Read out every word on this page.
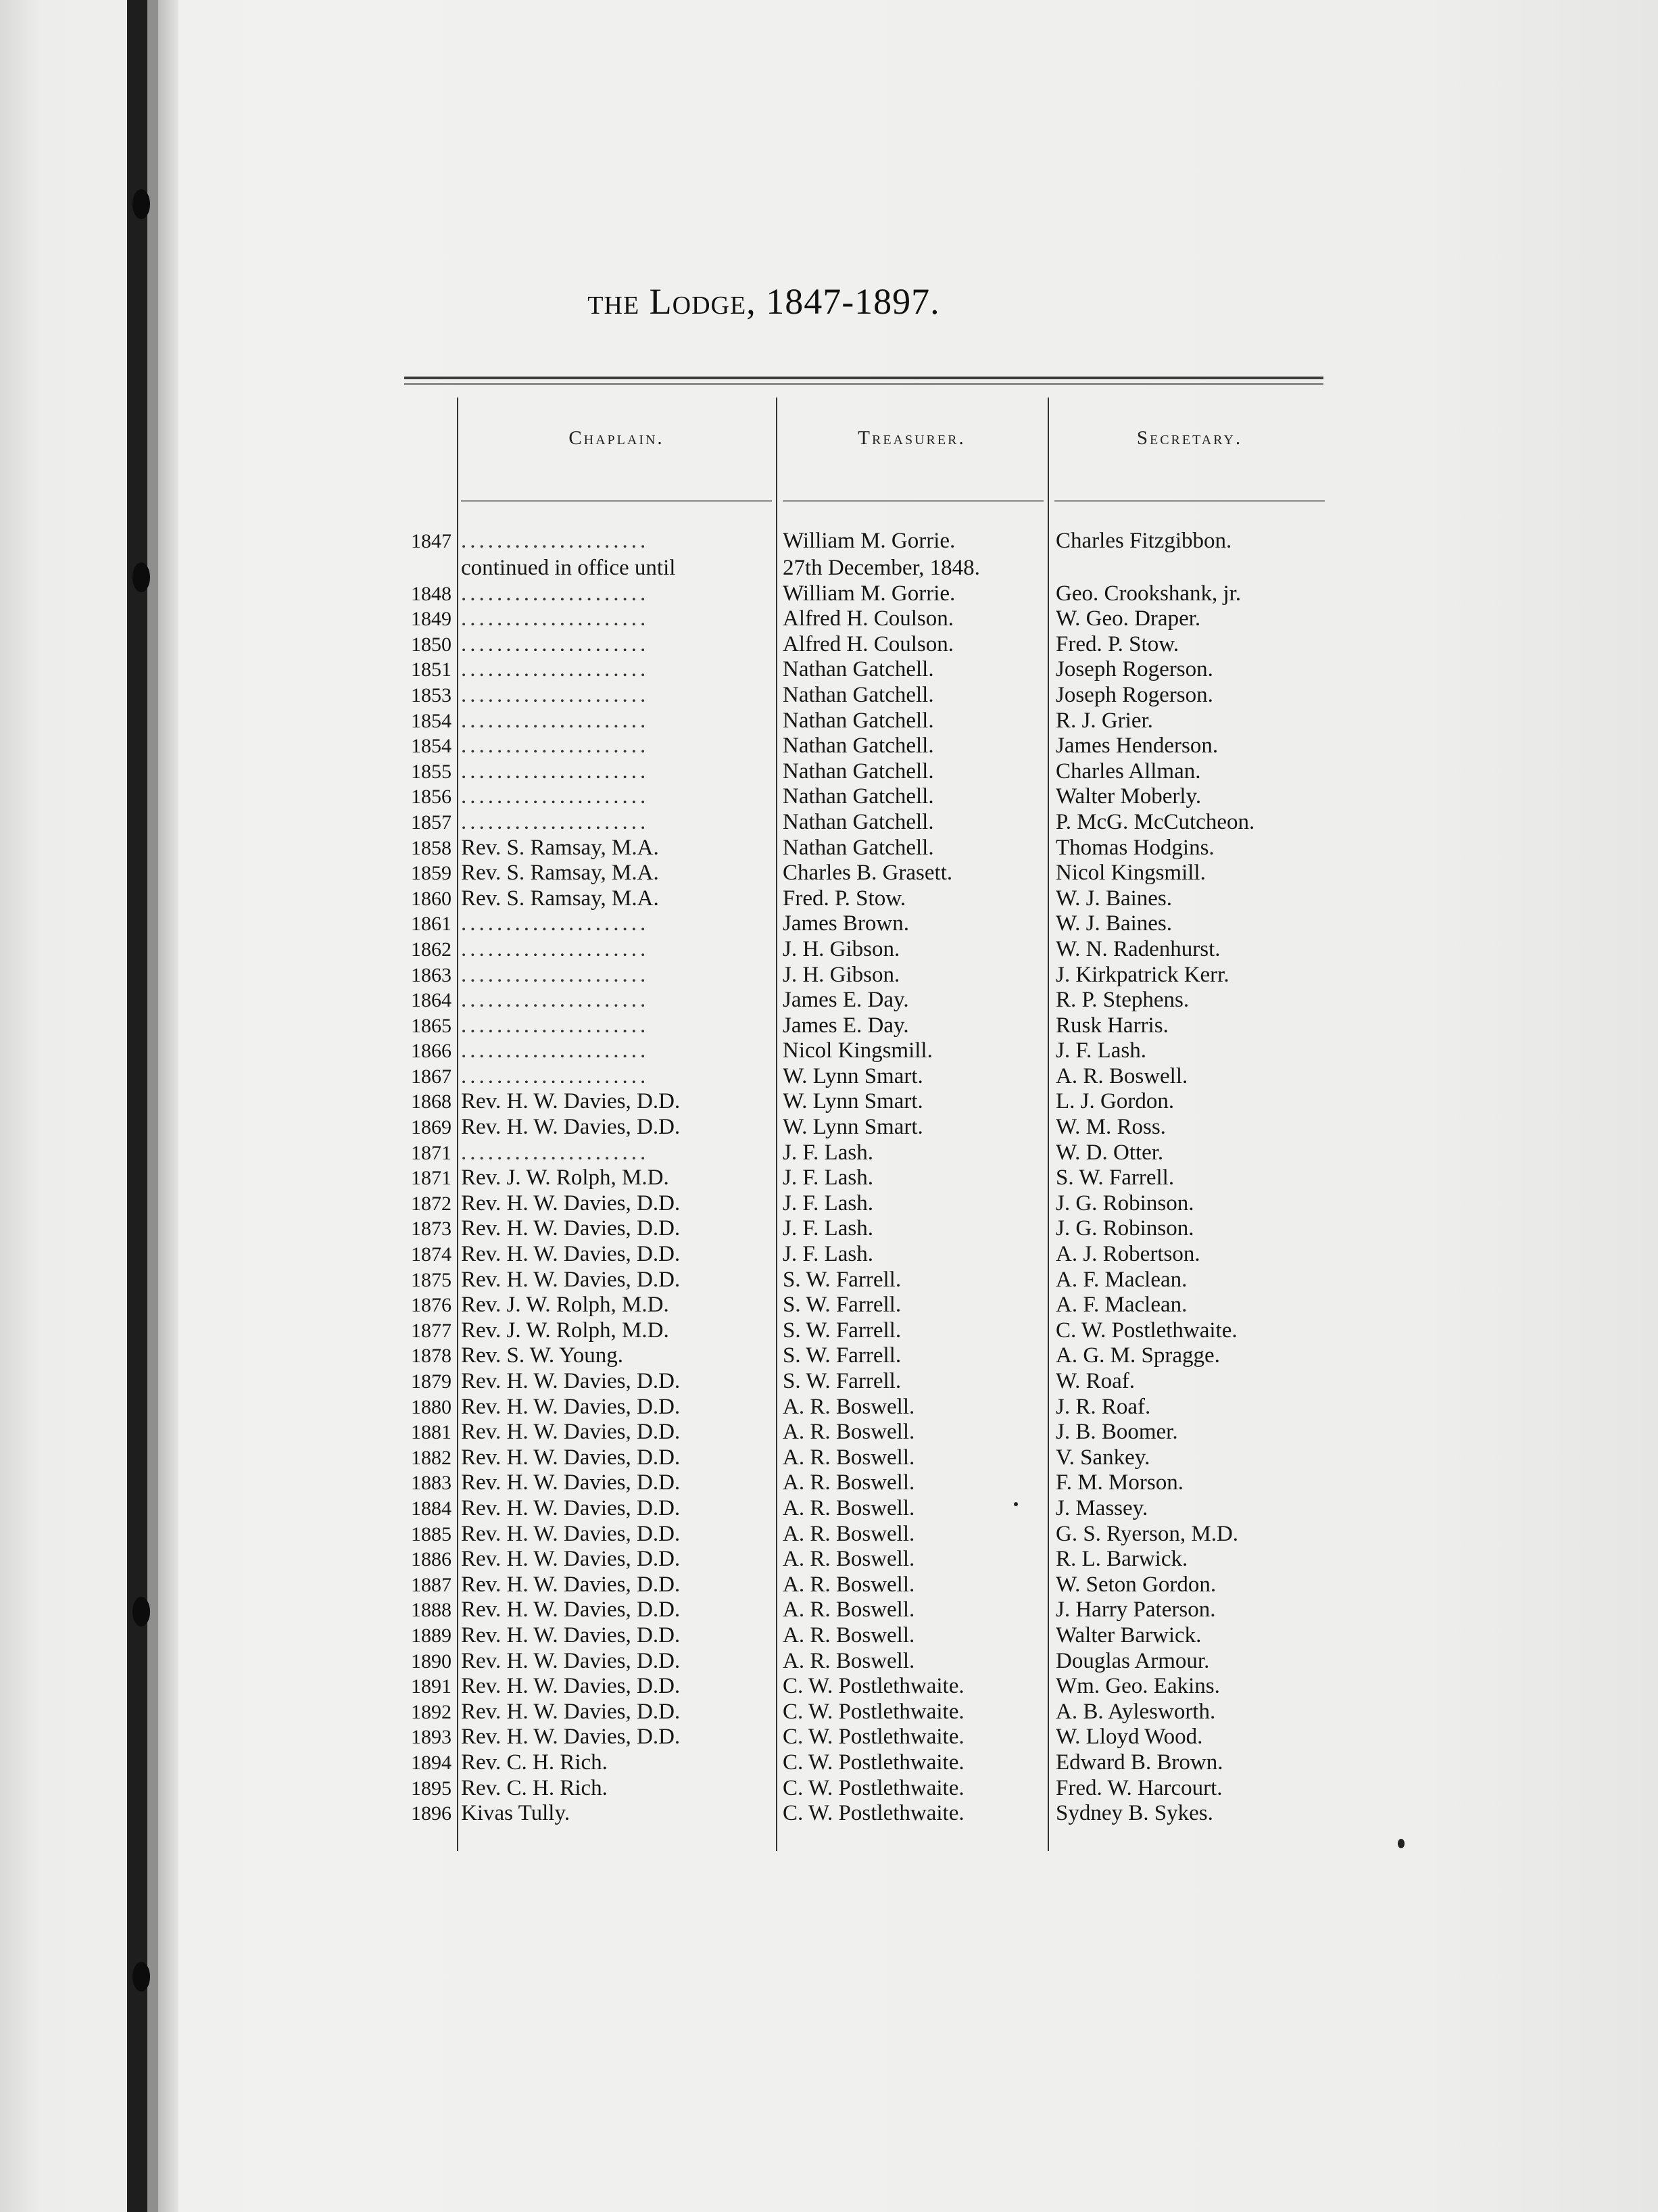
the Lodge, 1847-1897.
Chaplain.	Treasurer.	Secretary.
1847 .....................	William M. Gorrie.	Charles Fitzgibbon.
continued in office until	27th December, 1848.
1848 .....................	William M. Gorrie.	Geo. Crookshank, jr.
1849 .....................	Alfred H. Coulson.	W. Geo. Draper.
1850 .....................	Alfred H. Coulson.	Fred. P. Stow.
1851 .....................	Nathan Gatchell.	Joseph Rogerson.
1853 .....................	Nathan Gatchell.	Joseph Rogerson.
1854 .....................	Nathan Gatchell.	R. J. Grier.
1854 .....................	Nathan Gatchell.	James Henderson.
1855 .....................	Nathan Gatchell.	Charles Allman.
1856 .....................	Nathan Gatchell.	Walter Moberly.
1857 .....................	Nathan Gatchell.	P. McG. McCutcheon.
1858 Rev. S. Ramsay, M.A.	Nathan Gatchell.	Thomas Hodgins.
1859 Rev. S. Ramsay, M.A.	Charles B. Grasett.	Nicol Kingsmill.
1860 Rev. S. Ramsay, M.A.	Fred. P. Stow.	W. J. Baines.
1861 .....................	James Brown.	W. J. Baines.
1862 .....................	J. H. Gibson.	W. N. Radenhurst.
1863 .....................	J. H. Gibson.	J. Kirkpatrick Kerr.
1864 .....................	James E. Day.	R. P. Stephens.
1865 .....................	James E. Day.	Rusk Harris.
1866 .....................	Nicol Kingsmill.	J. F. Lash.
1867 .....................	W. Lynn Smart.	A. R. Boswell.
1868 Rev. H. W. Davies, D.D.	W. Lynn Smart.	L. J. Gordon.
1869 Rev. H. W. Davies, D.D.	W. Lynn Smart.	W. M. Ross.
1871 .....................	J. F. Lash.	W. D. Otter.
1871 Rev. J. W. Rolph, M.D.	J. F. Lash.	S. W. Farrell.
1872 Rev. H. W. Davies, D.D.	J. F. Lash.	J. G. Robinson.
1873 Rev. H. W. Davies, D.D.	J. F. Lash.	J. G. Robinson.
1874 Rev. H. W. Davies, D.D.	J. F. Lash.	A. J. Robertson.
1875 Rev. H. W. Davies, D.D.	S. W. Farrell.	A. F. Maclean.
1876 Rev. J. W. Rolph, M.D.	S. W. Farrell.	A. F. Maclean.
1877 Rev. J. W. Rolph, M.D.	S. W. Farrell.	C. W. Postlethwaite.
1878 Rev. S. W. Young.	S. W. Farrell.	A. G. M. Spragge.
1879 Rev. H. W. Davies, D.D.	S. W. Farrell.	W. Roaf.
1880 Rev. H. W. Davies, D.D.	A. R. Boswell.	J. R. Roaf.
1881 Rev. H. W. Davies, D.D.	A. R. Boswell.	J. B. Boomer.
1882 Rev. H. W. Davies, D.D.	A. R. Boswell.	V. Sankey.
1883 Rev. H. W. Davies, D.D.	A. R. Boswell.	F. M. Morson.
1884 Rev. H. W. Davies, D.D.	A. R. Boswell.	J. Massey.
1885 Rev. H. W. Davies, D.D.	A. R. Boswell.	G. S. Ryerson, M.D.
1886 Rev. H. W. Davies, D.D.	A. R. Boswell.	R. L. Barwick.
1887 Rev. H. W. Davies, D.D.	A. R. Boswell.	W. Seton Gordon.
1888 Rev. H. W. Davies, D.D.	A. R. Boswell.	J. Harry Paterson.
1889 Rev. H. W. Davies, D.D.	A. R. Boswell.	Walter Barwick.
1890 Rev. H. W. Davies, D.D.	A. R. Boswell.	Douglas Armour.
1891 Rev. H. W. Davies, D.D.	C. W. Postlethwaite.	Wm. Geo. Eakins.
1892 Rev. H. W. Davies, D.D.	C. W. Postlethwaite.	A. B. Aylesworth.
1893 Rev. H. W. Davies, D.D.	C. W. Postlethwaite.	W. Lloyd Wood.
1894 Rev. C. H. Rich.	C. W. Postlethwaite.	Edward B. Brown.
1895 Rev. C. H. Rich.	C. W. Postlethwaite.	Fred. W. Harcourt.
1896 Kivas Tully.	C. W. Postlethwaite.	Sydney B. Sykes.
